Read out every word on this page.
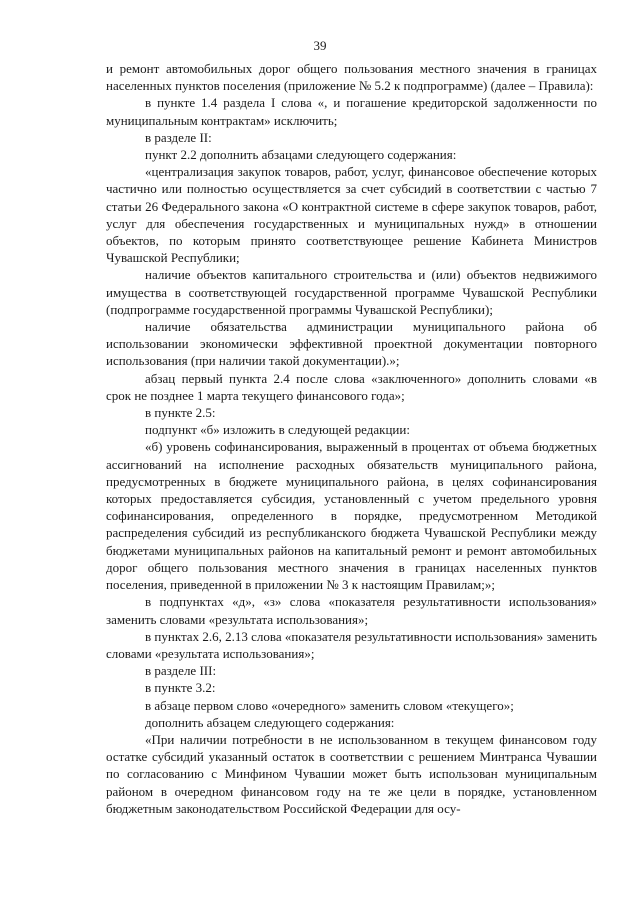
39

и ремонт автомобильных дорог общего пользования местного значения в границах населенных пунктов поселения (приложение № 5.2 к подпрограмме) (далее – Правила):

в пункте 1.4 раздела I слова «, и погашение кредиторской задолженности по муниципальным контрактам» исключить;

в разделе II:

пункт 2.2 дополнить абзацами следующего содержания:

«централизация закупок товаров, работ, услуг, финансовое обеспечение которых частично или полностью осуществляется за счет субсидий в соответствии с частью 7 статьи 26 Федерального закона «О контрактной системе в сфере закупок товаров, работ, услуг для обеспечения государственных и муниципальных нужд» в отношении объектов, по которым принято соответствующее решение Кабинета Министров Чувашской Республики;

наличие объектов капитального строительства и (или) объектов недвижимого имущества в соответствующей государственной программе Чувашской Республики (подпрограмме государственной программы Чувашской Республики);

наличие обязательства администрации муниципального района об использовании экономически эффективной проектной документации повторного использования (при наличии такой документации).»;

абзац первый пункта 2.4 после слова «заключенного» дополнить словами «в срок не позднее 1 марта текущего финансового года»;

в пункте 2.5:

подпункт «б» изложить в следующей редакции:

«б) уровень софинансирования, выраженный в процентах от объема бюджетных ассигнований на исполнение расходных обязательств муниципального района, предусмотренных в бюджете муниципального района, в целях софинансирования которых предоставляется субсидия, установленный с учетом предельного уровня софинансирования, определенного в порядке, предусмотренном Методикой распределения субсидий из республиканского бюджета Чувашской Республики между бюджетами муниципальных районов на капитальный ремонт и ремонт автомобильных дорог общего пользования местного значения в границах населенных пунктов поселения, приведенной в приложении № 3 к настоящим Правилам;»;

в подпунктах «д», «з» слова «показателя результативности использования» заменить словами «результата использования»;

в пунктах 2.6, 2.13 слова «показателя результативности использования» заменить словами «результата использования»;

в разделе III:

в пункте 3.2:

в абзаце первом слово «очередного» заменить словом «текущего»;

дополнить абзацем следующего содержания:

«При наличии потребности в не использованном в текущем финансовом году остатке субсидий указанный остаток в соответствии с решением Минтранса Чувашии по согласованию с Минфином Чувашии может быть использован муниципальным районом в очередном финансовом году на те же цели в порядке, установленном бюджетным законодательством Российской Федерации для осу-
